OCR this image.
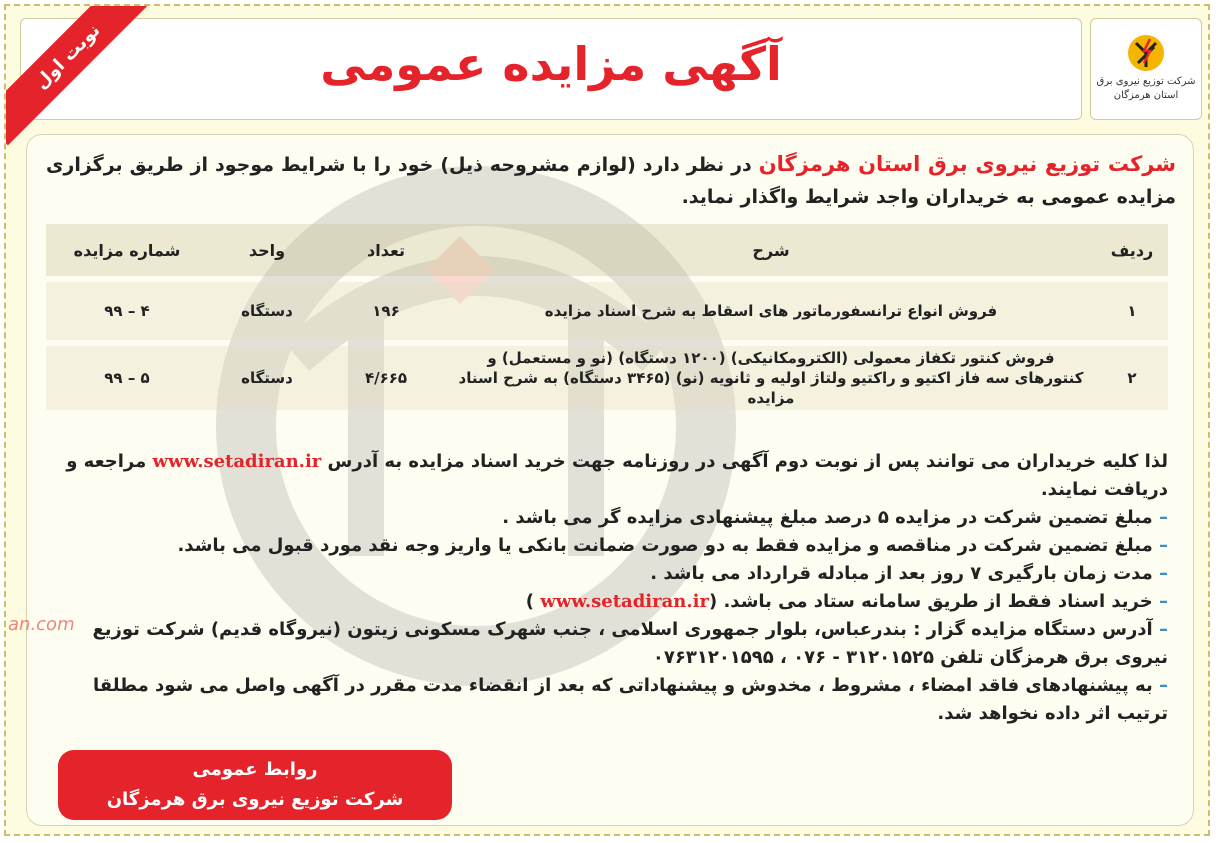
آگهی مزایده عمومی
نوبت اول	شرکت توزیع نیروی برق
استان هرمزگان
an.com
شرکت توزیع نیروی برق استان هرمزگان در نظر دارد (لوازم مشروحه ذیل) خود را با شرایط موجود از طریق برگزاری مزایده عمومی به خریداران واجد شرایط واگذار نماید.
ردیف	شرح	تعداد	واحد	شماره مزایده
۱	فروش انواع ترانسفورماتور های اسقاط به شرح اسناد مزایده	۱۹۶	دستگاه	۴ – ۹۹
۲	فروش کنتور تکفاز معمولی (الکترومکانیکی) (۱۲۰۰ دستگاه) (نو و مستعمل) و کنتورهای سه فاز اکتیو و راکتیو ولتاژ اولیه و ثانویه (نو) (۳۴۶۵ دستگاه) به شرح اسناد مزایده	۴/۶۶۵	دستگاه	۵ – ۹۹

لذا کلیه خریداران می توانند پس از نوبت دوم آگهی در روزنامه جهت خرید اسناد مزایده به آدرس www.setadiran.ir مراجعه و دریافت نمایند.

– مبلغ تضمین شرکت در مزایده ۵ درصد مبلغ پیشنهادی مزایده گر می باشد .

– مبلغ تضمین شرکت در مناقصه و مزایده فقط به دو صورت ضمانت بانکی یا واریز وجه نقد مورد قبول می باشد.

– مدت زمان بارگیری ۷ روز بعد از مبادله قرارداد می باشد .

– خرید اسناد فقط از طریق سامانه ستاد می باشد. (www.setadiran.ir )

– آدرس دستگاه مزایده گزار : بندرعباس، بلوار جمهوری اسلامی ، جنب شهرک مسکونی زیتون (نیروگاه قدیم) شرکت توزیع نیروی برق هرمزگان تلفن ۳۱۲۰۱۵۲۵ - ۰۷۶ ، ۰۷۶۳۱۲۰۱۵۹۵

– به پیشنهادهای فاقد امضاء ، مشروط ، مخدوش و پیشنهاداتی که بعد از انقضاء مدت مقرر در آگهی واصل می شود مطلقا ترتیب اثر داده نخواهد شد.

روابط عمومی
شرکت توزیع نیروی برق هرمزگان
